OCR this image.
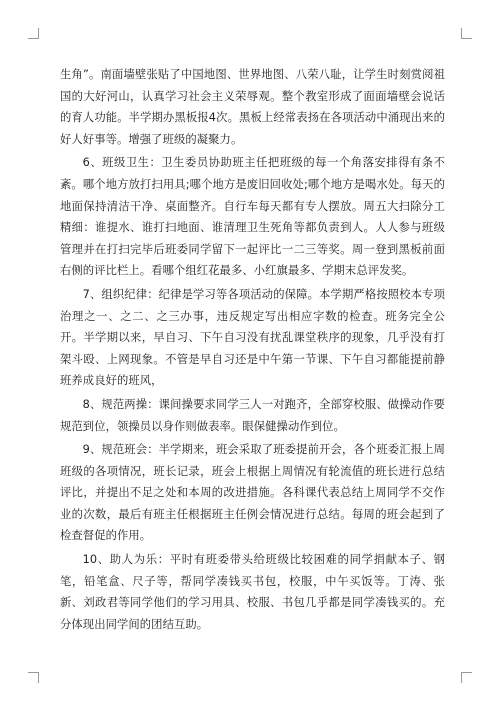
生角”。南面墙壁张贴了中国地图、世界地图、八荣八耻，让学生时刻赏阅祖国的大好河山，认真学习社会主义荣辱观。整个教室形成了面面墙壁会说话的育人功能。半学期办黑板报4次。黑板上经常表扬在各项活动中涌现出来的好人好事等。增强了班级的凝聚力。

6、班级卫生：卫生委员协助班主任把班级的每一个角落安排得有条不紊。哪个地方放打扫用具;哪个地方是废旧回收处;哪个地方是喝水处。每天的地面保持清洁干净、桌面整齐。自行车每天都有专人摆放。周五大扫除分工精细：谁提水、谁打扫地面、谁清理卫生死角等都负责到人。人人参与班级管理并在打扫完毕后班委同学留下一起评比一二三等奖。周一登到黑板前面右侧的评比栏上。看哪个组红花最多、小红旗最多、学期末总评发奖。

7、组织纪律：纪律是学习等各项活动的保障。本学期严格按照校本专项治理之一、之二、之三办事，违反规定写出相应字数的检查。班务完全公开。半学期以来，早自习、下午自习没有扰乱课堂秩序的现象，几乎没有打架斗殴、上网现象。不管是早自习还是中午第一节课、下午自习都能提前静班养成良好的班风，

8、规范两操：课间操要求同学三人一对跑齐，全部穿校服、做操动作要规范到位，领操员以身作则做表率。眼保健操动作到位。

9、规范班会：半学期来，班会采取了班委提前开会，各个班委汇报上周班级的各项情况，班长记录，班会上根据上周情况有轮流值的班长进行总结评比，并提出不足之处和本周的改进措施。各科课代表总结上周同学不交作业的次数，最后有班主任根据班主任例会情况进行总结。每周的班会起到了检查督促的作用。

10、助人为乐：平时有班委带头给班级比较困难的同学捐献本子、钢笔，铅笔盒、尺子等，帮同学凑钱买书包，校服，中午买饭等。丁涛、张新、刘政君等同学他们的学习用具、校服、书包几乎都是同学凑钱买的。充分体现出同学间的团结互助。
